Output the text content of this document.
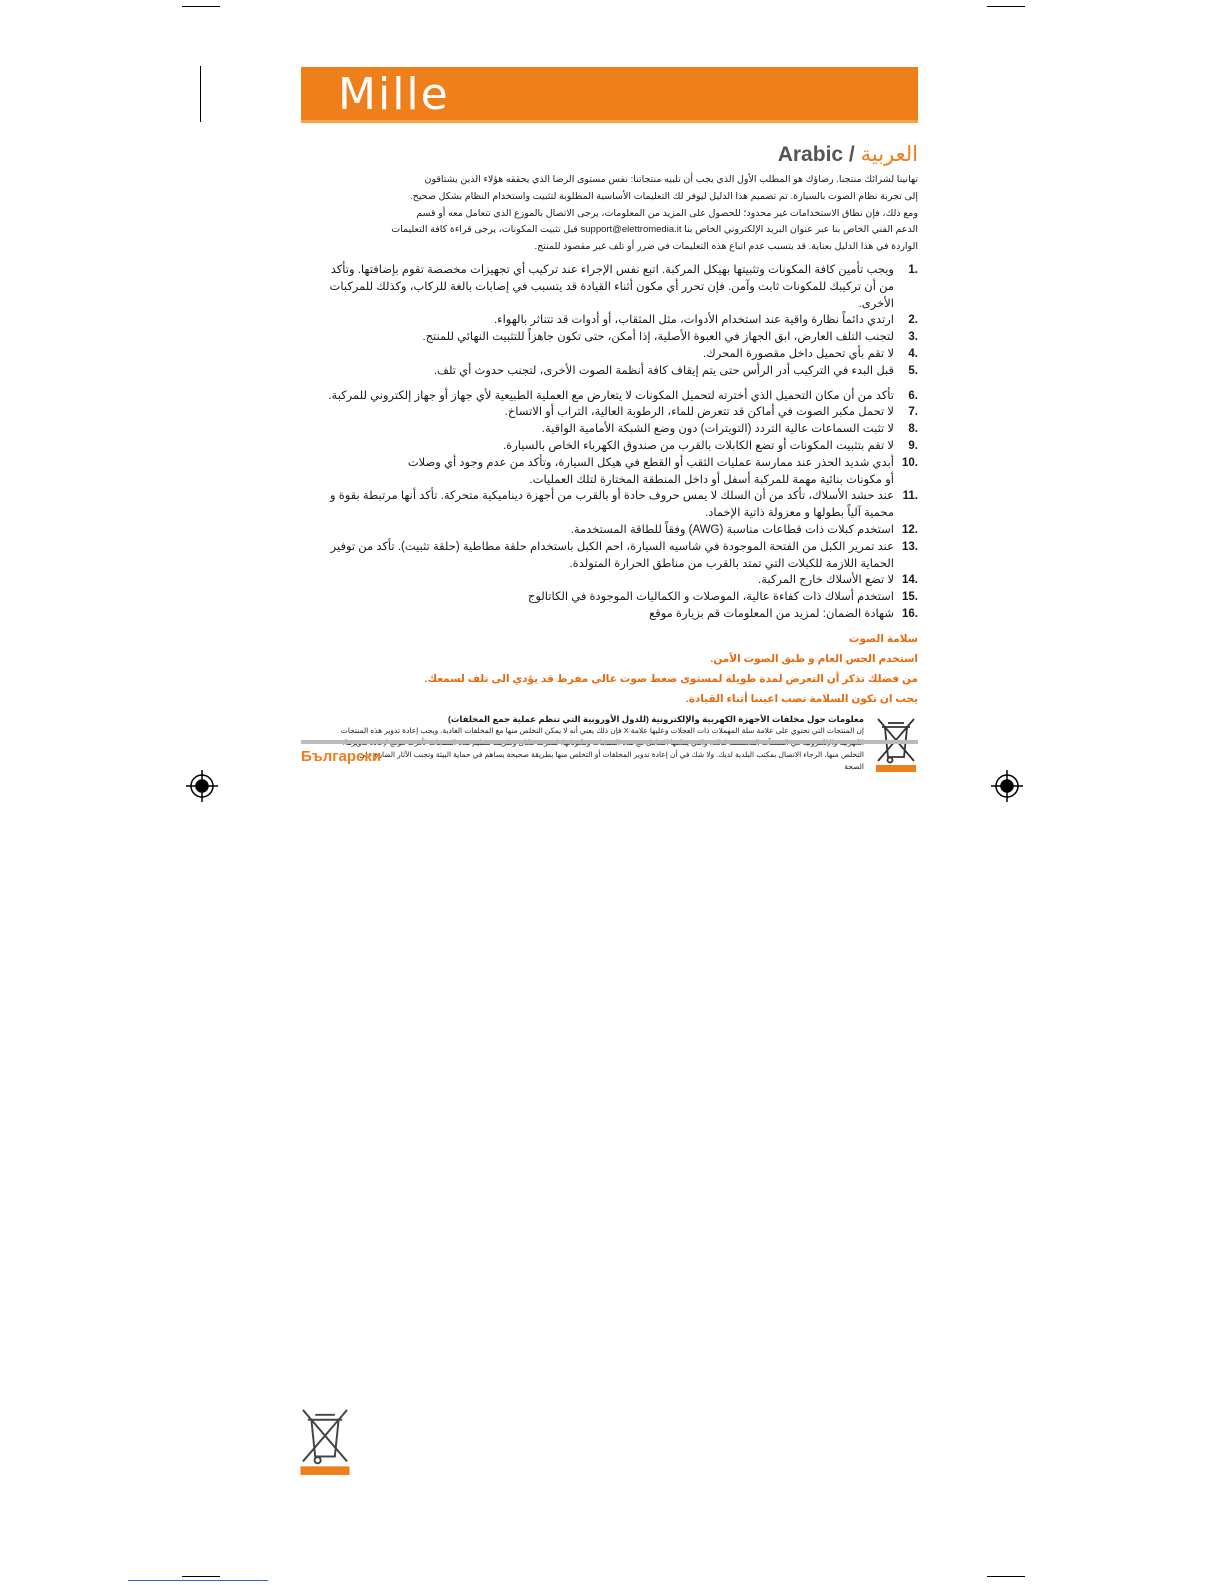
Mille
Arabic / العربية

تهانينا لشرائك منتجنا. رضاؤك هو المطلب الأول الذي يجب أن تلبيه منتجاتنا: نفس مستوى الرضا الذي يحققه هؤلاء الذين يشتاقون

إلى تجربة نظام الصوت بالسيارة. تم تصميم هذا الدليل ليوفر لك التعليمات الأساسية المطلوبة لتثبيت واستخدام النظام بشكل صحيح.

ومع ذلك، فإن نطاق الاستخدامات غير محدود؛ للحصول على المزيد من المعلومات، يرجى الاتصال بالموزع الذي تتعامل معه أو قسم

الدعم الفني الخاص بنا عبر عنوان البريد الإلكتروني الخاص بنا support@elettromedia.it قبل تثبيت المكونات، يرجى قراءة كافة التعليمات

الواردة في هذا الدليل بعناية. قد يتسبب عدم اتباع هذه التعليمات في ضرر أو تلف غير مقصود للمنتج.

1.
ويجب تأمين كافة المكونات وتثبيتها بهيكل المركبة. اتبع نفس الإجراء عند تركيب أي تجهيزات مخصصة تقوم بإضافتها. وتأكد
من أن تركيبك للمكونات ثابت وآمن. فإن تحرر أي مكون أثناء القيادة قد يتسبب في إصابات بالغة للركاب، وكذلك للمركبات الأخرى.
2.
ارتدي دائماً نظارة واقية عند استخدام الأدوات، مثل المثقاب، أو أدوات قد تتناثر بالهواء.
3.
لتجنب التلف العارض، ابق الجهاز في العبوة الأصلية، إذا أمكن، حتى تكون جاهزاً للتثبيت النهائي للمنتج.
4.
لا تقم بأي تحميل داخل مقصورة المحرك.
5.
قبل البدء في التركيب أدر الرأس حتى يتم إيقاف كافة أنظمة الصوت الأخرى، لتجنب حدوث أي تلف.
6.
تأكد من أن مكان التحميل الذي أخترته لتحميل المكونات لا يتعارض مع العملية الطبيعية لأي جهاز أو جهاز إلكتروني للمركبة.
7.
لا تحمل مكبر الصوت في أماكن قد تتعرض للماء، الرطوبة العالية، التراب أو الاتساخ.
8.
لا تثبت السماعات عالية التردد (التويترات) دون وضع الشبكة الأمامية الواقية.
9.
لا تقم بتثبيت المكونات أو تضع الكابلات بالقرب من صندوق الكهرباء الخاص بالسيارة.
10.
أبدي شديد الحذر عند ممارسة عمليات الثقب أو القطع في هيكل السيارة، وتأكد من عدم وجود أي وصلات
أو مكونات بنائية مهمة للمركبة أسفل أو داخل المنطقة المختارة لتلك العمليات.
11.
عند حشد الأسلاك، تأكد من أن السلك لا يمس حروف حادة أو بالقرب من أجهزة ديناميكية متحركة. تأكد أنها مرتبطة بقوة و
محمية آلياً بطولها و معزولة ذاتية الإخماد.
12.
استخدم كبلات ذات قطاعات مناسبة (AWG) وفقاً للطاقة المستخدمة.
13.
عند تمرير الكبل من الفتحة الموجودة في شاسيه السيارة، احم الكبل باستخدام حلقة مطاطية (حلقة تثبيت). تأكد من توفير
الحماية اللازمة للكبلات التي تمتد بالقرب من مناطق الحرارة المتولدة.
14.
لا تضع الأسلاك خارج المركبة.
15.
استخدم أسلاك ذات كفاءة عالية، الموصلات و الكماليات الموجودة في الكاتالوج
16.
شهادة الضمان: لمزيد من المعلومات قم بزيارة موقع

سلامة الصوت

استخدم الحس العام و طبق الصوت الأمن.

من فضلك تذكر أن التعرض لمدة طويلة لمستوى ضغط صوت عالي مفرط قد يؤدي الى تلف لسمعك.

يجب ان تكون السلامة نصب اعيننا أثناء القيادة.

معلومات حول مخلفات الأجهزة الكهربية والإلكترونية (للدول الأوروبية التي تنظم عملية جمع المخلفات)

إن المنتجات التي تحتوي على علامة سلة المهملات ذات العجلات وعليها علامة X فإن ذلك يعني أنه لا يمكن التخلص منها مع المخلفات العادية. ويجب إعادة تدوير هذه المنتجات

التخلص منها، الرجاء الاتصال بمكتب البلدية لديك. ولا شك في أن إعادة تدوير المخلفات أو التخلص منها بطريقة صحيحة يساهم في حماية البيئة وتجنب الآثار الضارة على

الصحة

Български
